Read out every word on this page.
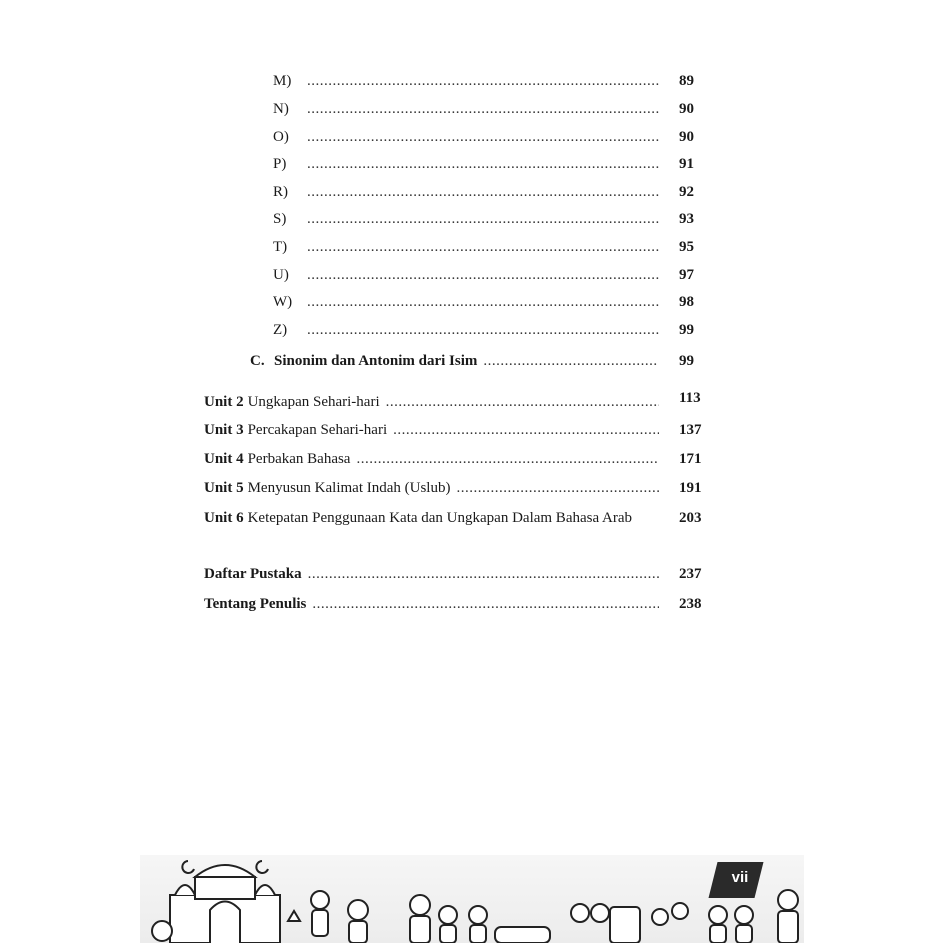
M) .....	89
N) .....	90
O) .....	90
P) .....	91
R) .....	92
S) .....	93
T) .....	95
U) .....	97
W) .....	98
Z) .....	99
C. Sinonim dan Antonim dari Isim .....	99
Unit 2 Ungkapan Sehari-hari .....	113
Unit 3 Percakapan Sehari-hari .....	137
Unit 4 Perbakan Bahasa .....	171
Unit 5 Menyusun Kalimat Indah (Uslub) .....	191
Unit 6 Ketepatan Penggunaan Kata dan Ungkapan Dalam Bahasa Arab	203
Daftar Pustaka .....	237
Tentang Penulis .....	238
vii
